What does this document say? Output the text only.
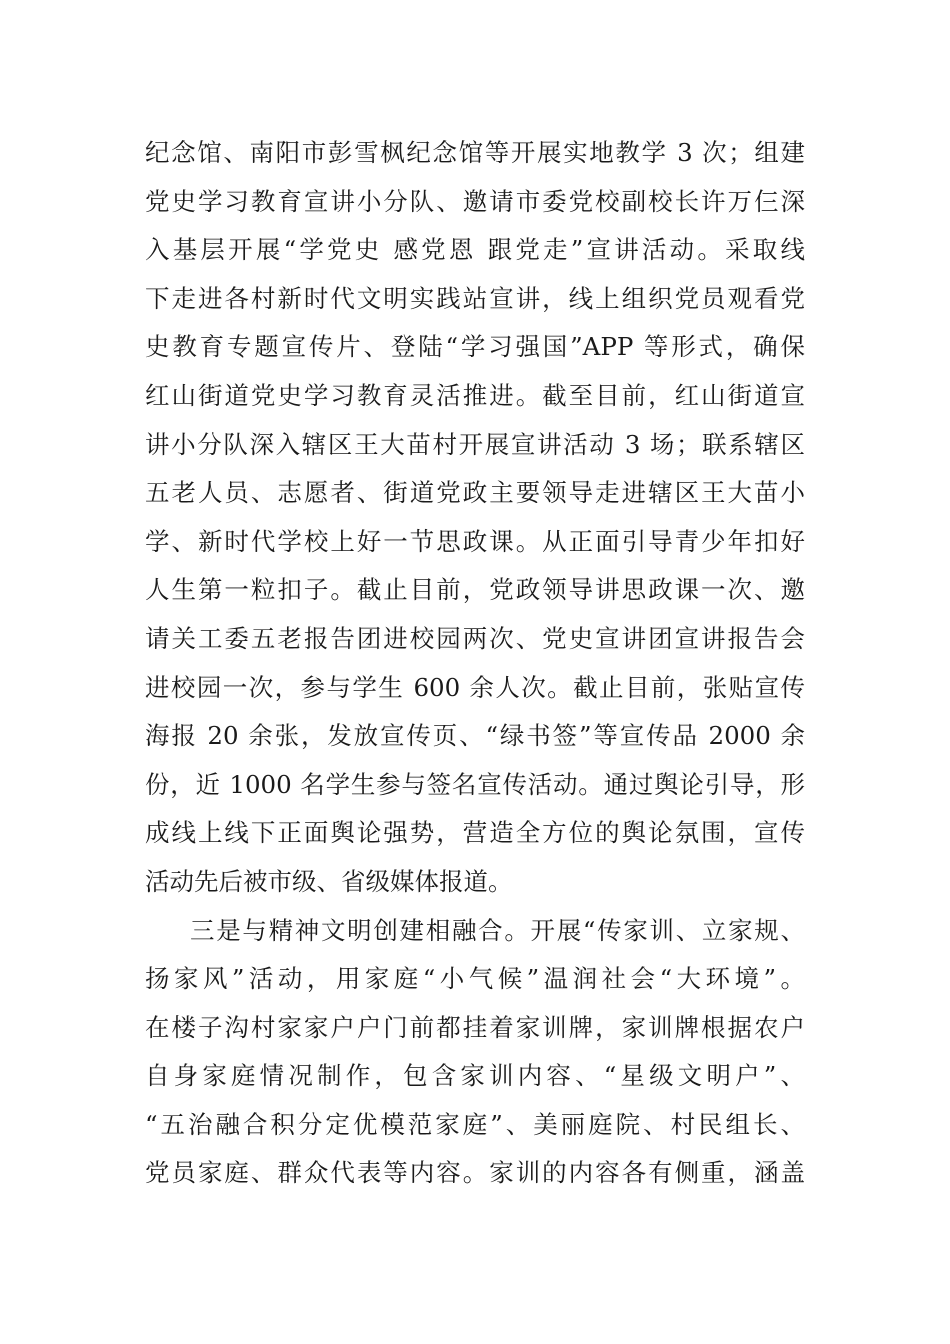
纪念馆、南阳市彭雪枫纪念馆等开展实地教学 3 次；组建
党史学习教育宣讲小分队、邀请市委党校副校长许万仨深
入基层开展“学党史 感党恩 跟党走”宣讲活动。采取线
下走进各村新时代文明实践站宣讲，线上组织党员观看党
史教育专题宣传片、登陆“学习强国”APP 等形式，确保
红山街道党史学习教育灵活推进。截至目前，红山街道宣
讲小分队深入辖区王大苗村开展宣讲活动 3 场；联系辖区
五老人员、志愿者、街道党政主要领导走进辖区王大苗小
学、新时代学校上好一节思政课。从正面引导青少年扣好
人生第一粒扣子。截止目前，党政领导讲思政课一次、邀
请关工委五老报告团进校园两次、党史宣讲团宣讲报告会
进校园一次，参与学生 600 余人次。截止目前，张贴宣传
海报 20 余张，发放宣传页、“绿书签”等宣传品 2000 余
份，近 1000 名学生参与签名宣传活动。通过舆论引导，形
成线上线下正面舆论强势，营造全方位的舆论氛围，宣传
活动先后被市级、省级媒体报道。
三是与精神文明创建相融合。开展“传家训、立家规、
扬家风”活动，用家庭“小气候”温润社会“大环境”。
在楼子沟村家家户户门前都挂着家训牌，家训牌根据农户
自身家庭情况制作，包含家训内容、“星级文明户”、
“五治融合积分定优模范家庭”、美丽庭院、村民组长、
党员家庭、群众代表等内容。家训的内容各有侧重，涵盖
